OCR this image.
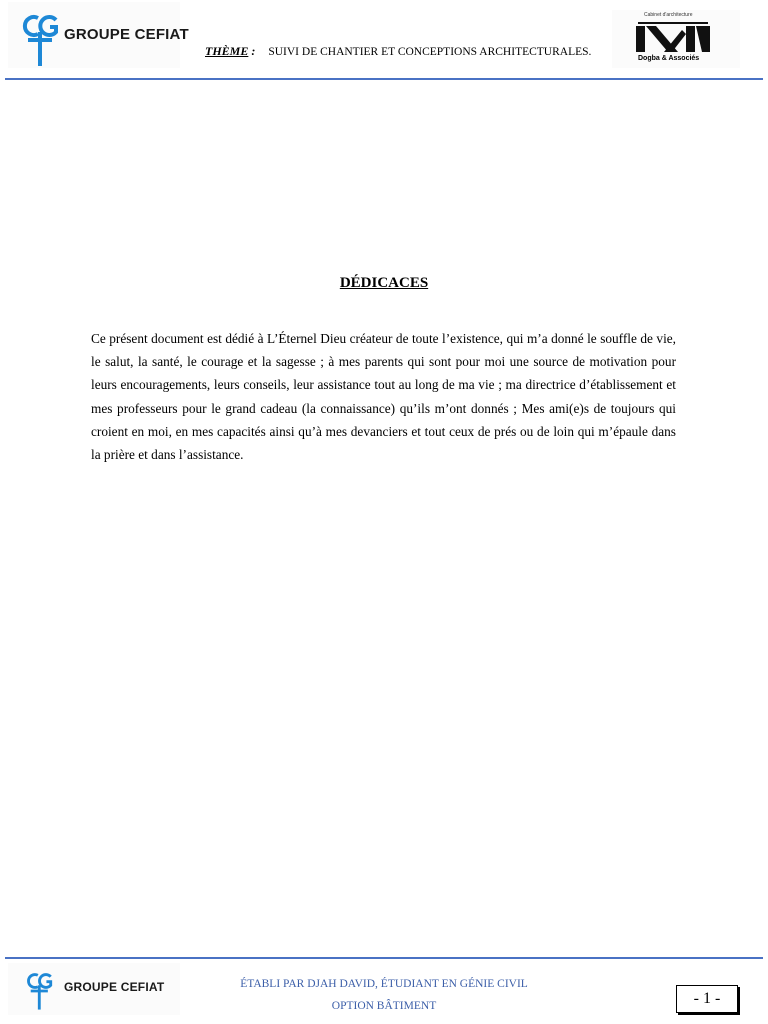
GROUPE CEFIAT
THÈME : SUIVI DE CHANTIER ET CONCEPTIONS ARCHITECTURALES.
Cabinet d'architecture
Dogba & Associés
DÉDICACES
Ce présent document est dédié à L’Éternel Dieu créateur de toute l’existence, qui m’a donné le souffle de vie, le salut, la santé, le courage et la sagesse ; à mes parents qui sont pour moi une source de motivation pour leurs encouragements, leurs conseils, leur assistance tout au long de ma vie ; ma directrice d’établissement et mes professeurs pour le grand cadeau (la connaissance) qu’ils m’ont donnés ; Mes ami(e)s de toujours qui croient en moi, en mes capacités ainsi qu’à mes devanciers et tout ceux de prés ou de loin qui m’épaule dans la prière et dans l’assistance.
GROUPE CEFIAT	ÉTABLI PAR DJAH DAVID, ÉTUDIANT EN GÉNIE CIVIL
OPTION BÂTIMENT	- 1 -
